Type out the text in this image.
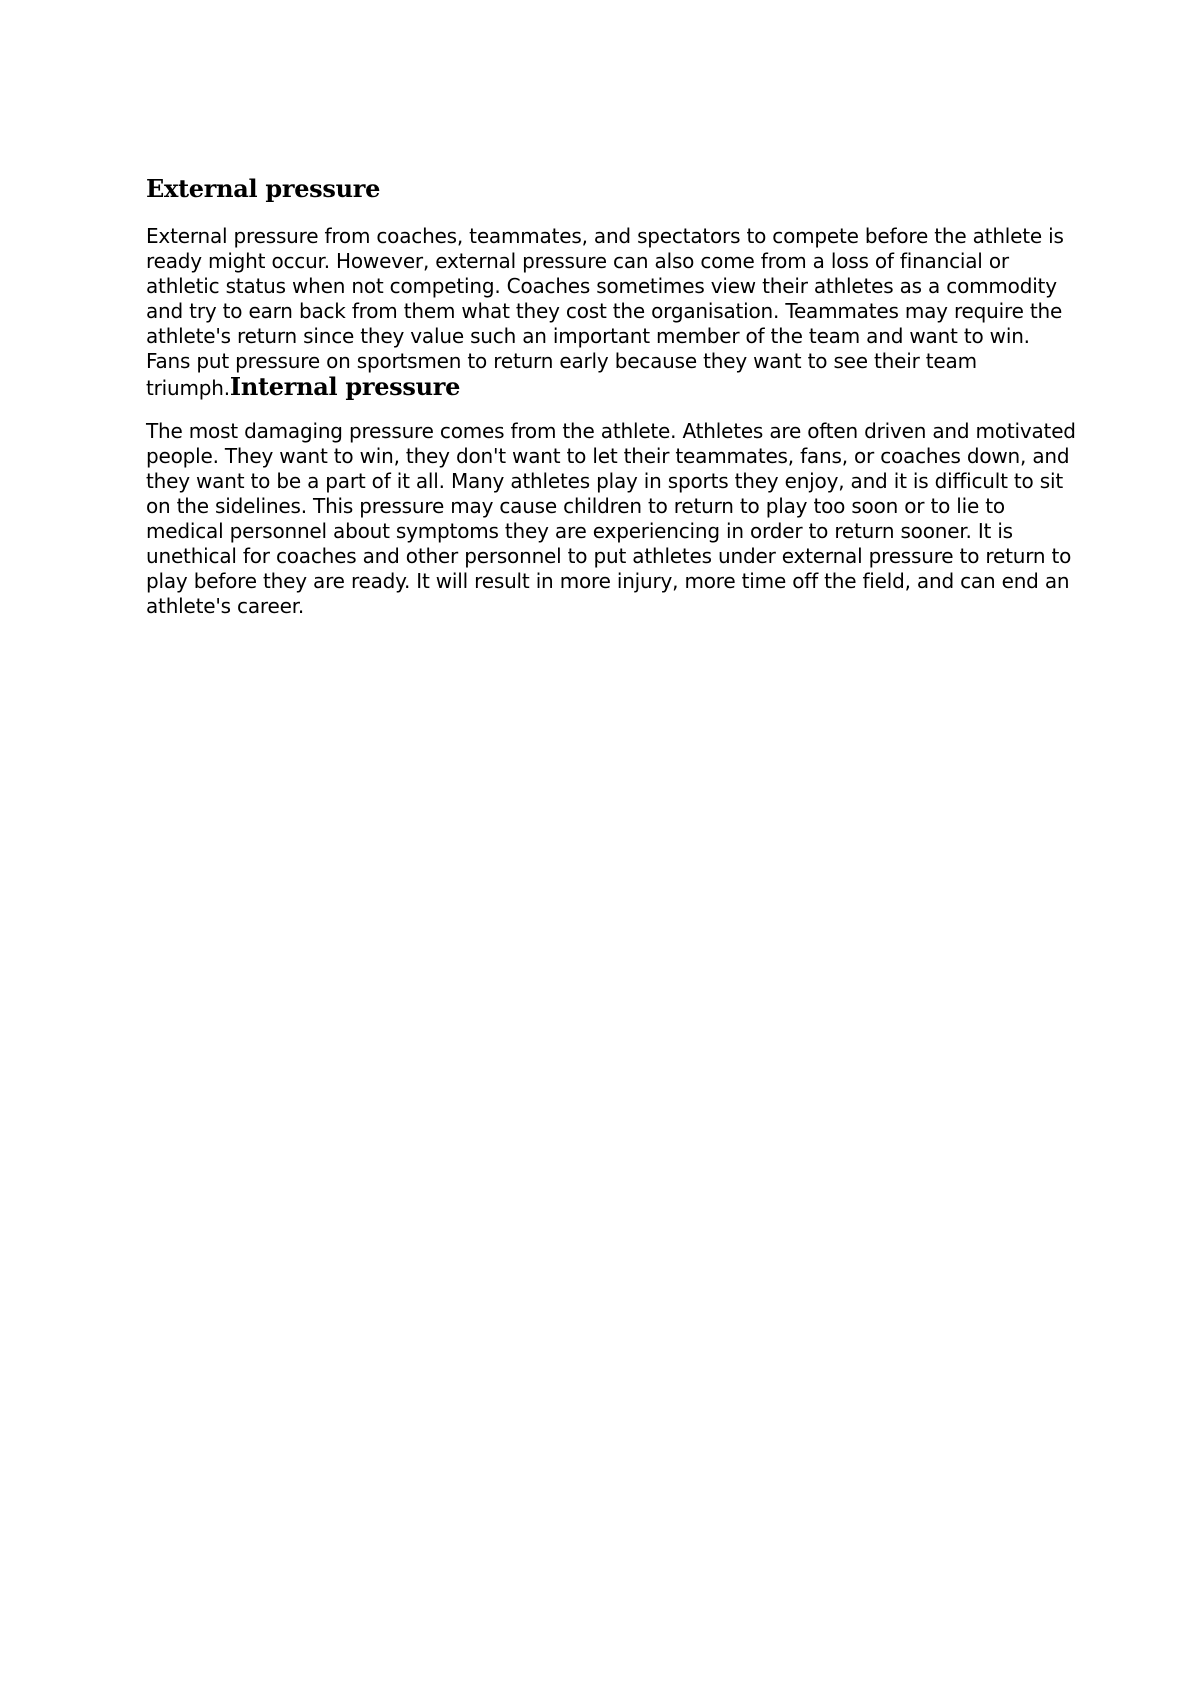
External pressure

External pressure from coaches, teammates, and spectators to compete before the athlete is ready might occur. However, external pressure can also come from a loss of financial or athletic status when not competing. Coaches sometimes view their athletes as a commodity and try to earn back from them what they cost the organisation. Teammates may require the athlete's return since they value such an important member of the team and want to win. Fans put pressure on sportsmen to return early because they want to see their team triumph.Internal pressure

The most damaging pressure comes from the athlete. Athletes are often driven and motivated people. They want to win, they don't want to let their teammates, fans, or coaches down, and they want to be a part of it all. Many athletes play in sports they enjoy, and it is difficult to sit on the sidelines. This pressure may cause children to return to play too soon or to lie to medical personnel about symptoms they are experiencing in order to return sooner. It is unethical for coaches and other personnel to put athletes under external pressure to return to play before they are ready. It will result in more injury, more time off the field, and can end an athlete's career.
